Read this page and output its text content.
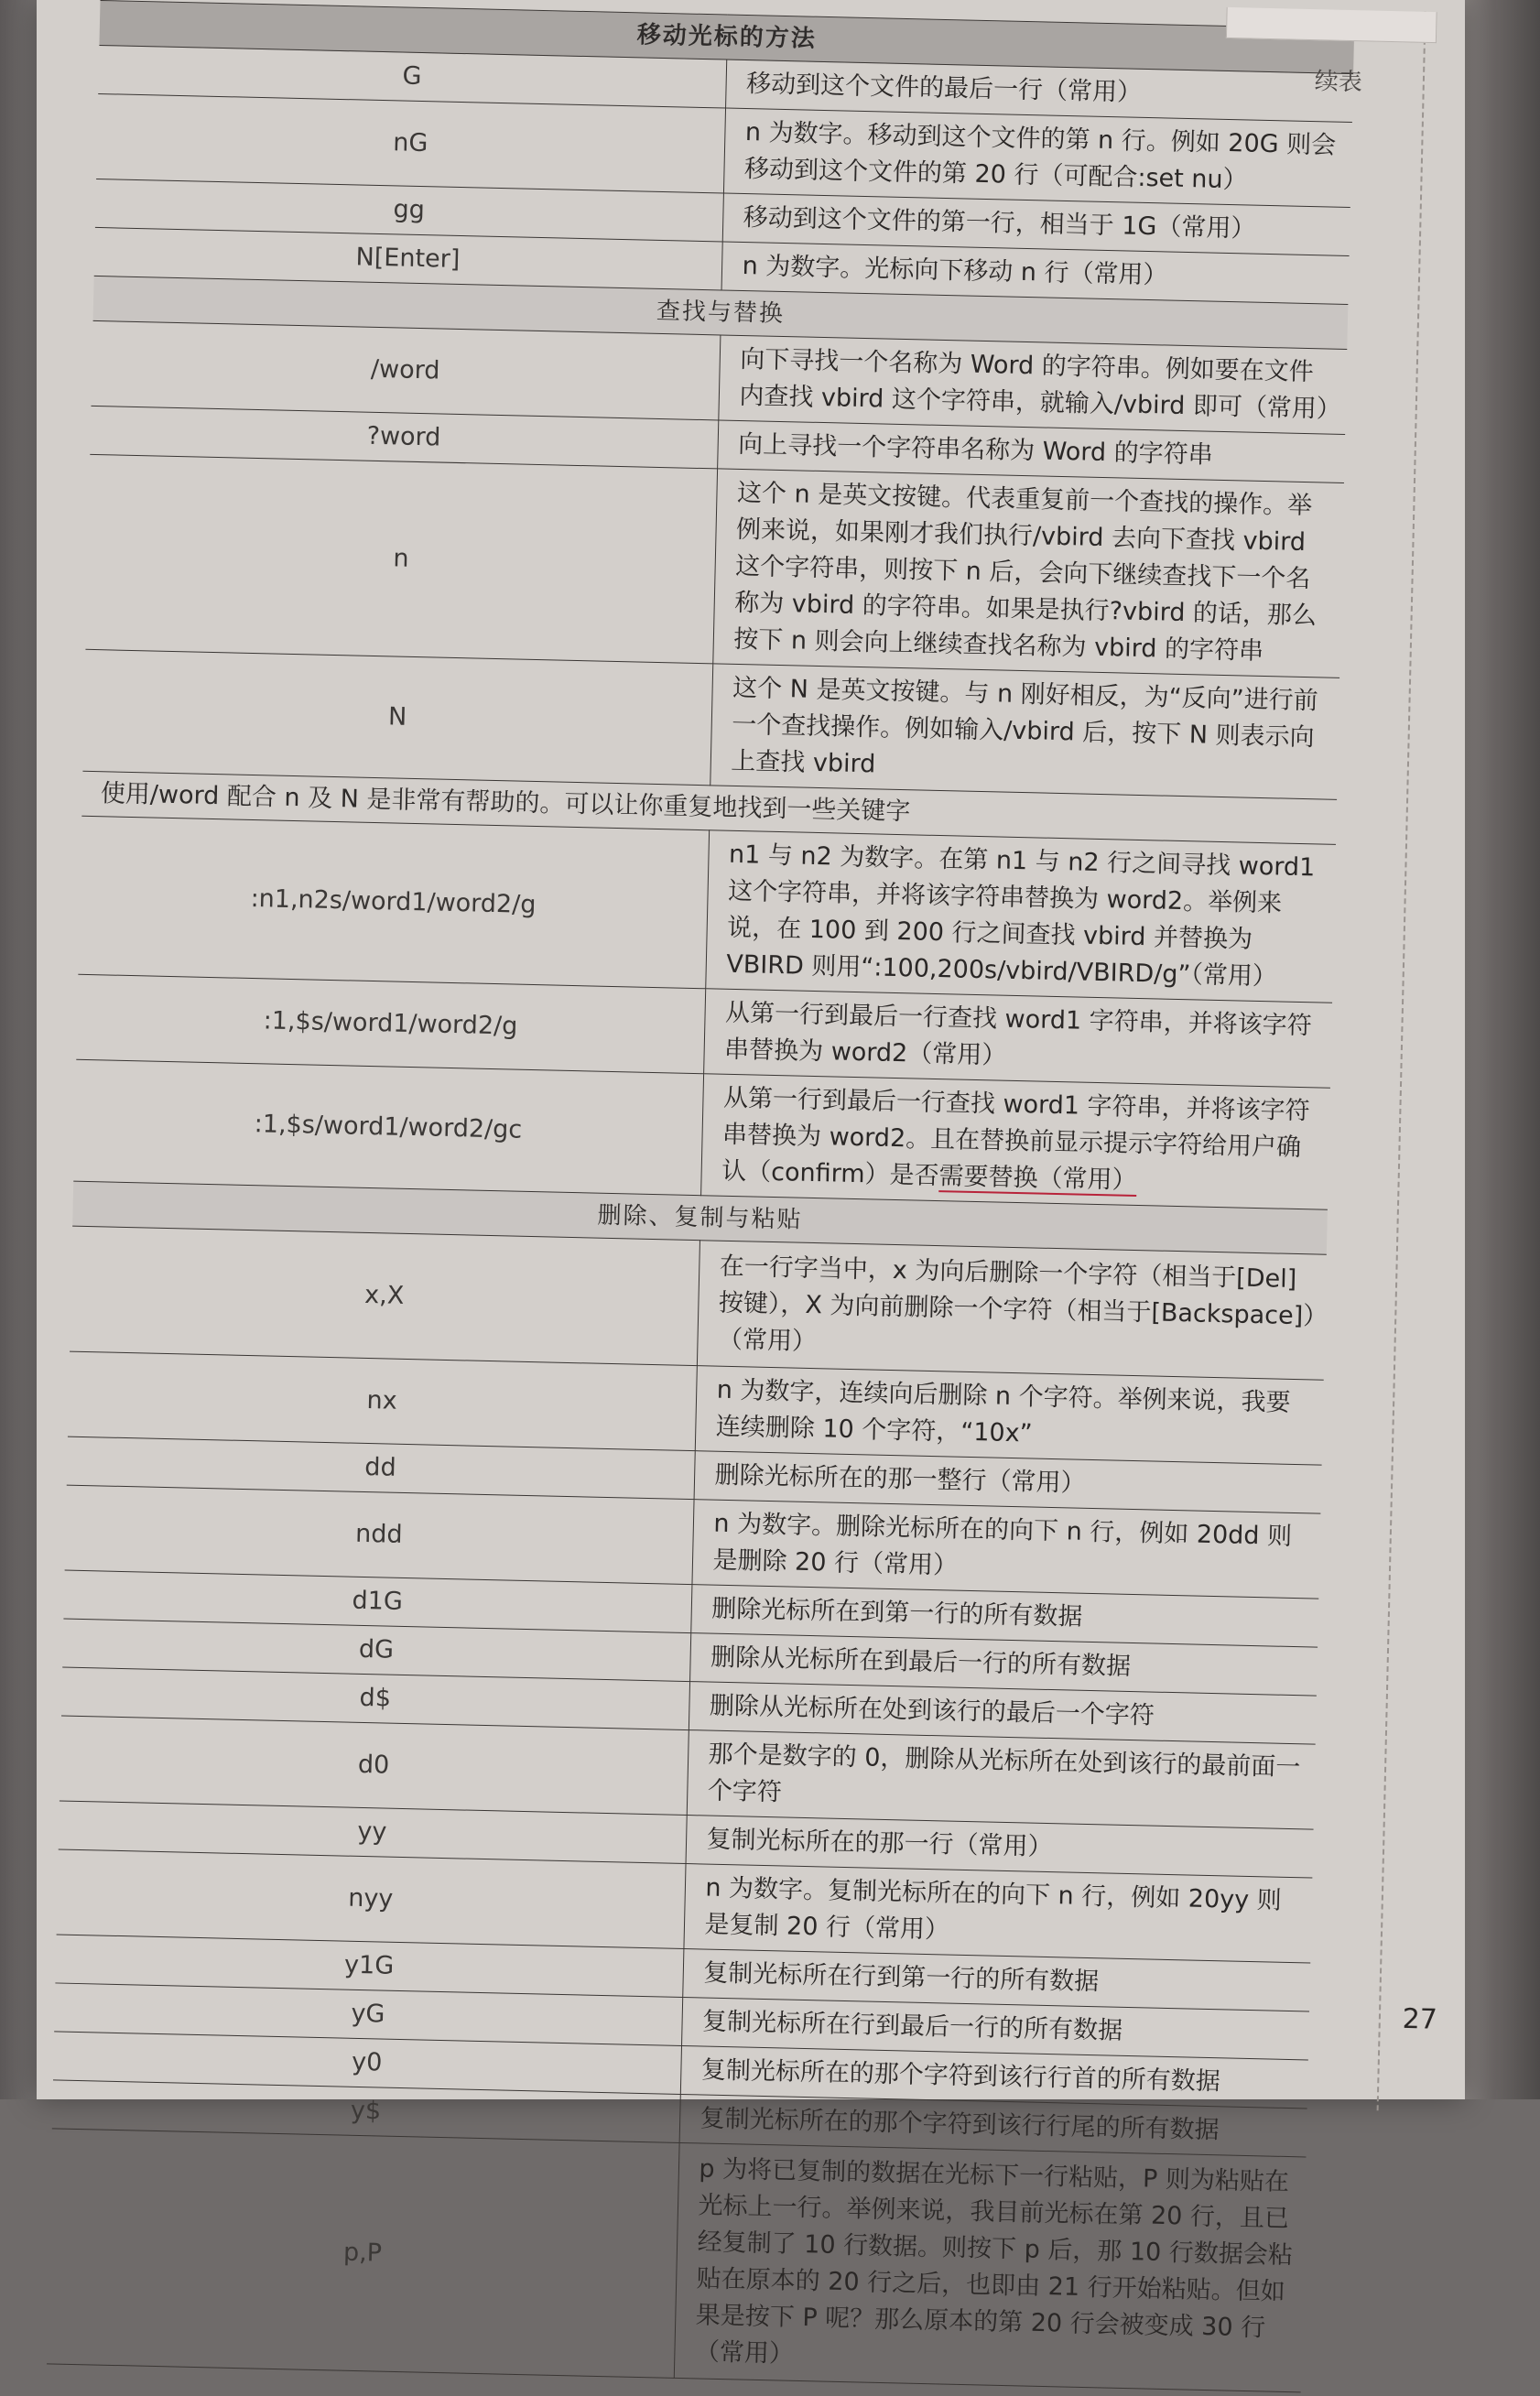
续表
移动光标的方法	
G	移动到这个文件的最后一行（常用）
nG	n 为数字。移动到这个文件的第 n 行。例如 20G 则会移动到这个文件的第 20 行（可配合:set nu）
gg	移动到这个文件的第一行，相当于 1G（常用）
N[Enter]	n 为数字。光标向下移动 n 行（常用）
查找与替换	
/word	向下寻找一个名称为 Word 的字符串。例如要在文件内查找 vbird 这个字符串，就输入/vbird 即可（常用）
?word	向上寻找一个字符串名称为 Word 的字符串
n	这个 n 是英文按键。代表重复前一个查找的操作。举例来说，如果刚才我们执行/vbird 去向下查找 vbird 这个字符串，则按下 n 后，会向下继续查找下一个名称为 vbird 的字符串。如果是执行?vbird 的话，那么按下 n 则会向上继续查找名称为 vbird 的字符串
N	这个 N 是英文按键。与 n 刚好相反，为“反向”进行前一个查找操作。例如输入/vbird 后，按下 N 则表示向上查找 vbird
使用/word 配合 n 及 N 是非常有帮助的。可以让你重复地找到一些关键字	
:n1,n2s/word1/word2/g	n1 与 n2 为数字。在第 n1 与 n2 行之间寻找 word1 这个字符串，并将该字符串替换为 word2。举例来说，在 100 到 200 行之间查找 vbird 并替换为 VBIRD 则用“:100,200s/vbird/VBIRD/g”（常用）
:1,$s/word1/word2/g	从第一行到最后一行查找 word1 字符串，并将该字符串替换为 word2（常用）
:1,$s/word1/word2/gc	从第一行到最后一行查找 word1 字符串，并将该字符串替换为 word2。且在替换前显示提示字符给用户确认（confirm）是否需要替换（常用）
删除、复制与粘贴	
x,X	在一行字当中，x 为向后删除一个字符（相当于[Del]按键），X 为向前删除一个字符（相当于[Backspace]）（常用）
nx	n 为数字，连续向后删除 n 个字符。举例来说，我要连续删除 10 个字符，“10x”
dd	删除光标所在的那一整行（常用）
ndd	n 为数字。删除光标所在的向下 n 行，例如 20dd 则是删除 20 行（常用）
d1G	删除光标所在到第一行的所有数据
dG	删除从光标所在到最后一行的所有数据
d$	删除从光标所在处到该行的最后一个字符
d0	那个是数字的 0，删除从光标所在处到该行的最前面一个字符
yy	复制光标所在的那一行（常用）
nyy	n 为数字。复制光标所在的向下 n 行，例如 20yy 则是复制 20 行（常用）
y1G	复制光标所在行到第一行的所有数据
yG	复制光标所在行到最后一行的所有数据
y0	复制光标所在的那个字符到该行行首的所有数据
y$	复制光标所在的那个字符到该行行尾的所有数据
p,P	p 为将已复制的数据在光标下一行粘贴，P 则为粘贴在光标上一行。举例来说，我目前光标在第 20 行，且已经复制了 10 行数据。则按下 p 后，那 10 行数据会粘贴在原本的 20 行之后，也即由 21 行开始粘贴。但如果是按下 P 呢？那么原本的第 20 行会被变成 30 行（常用）
27
